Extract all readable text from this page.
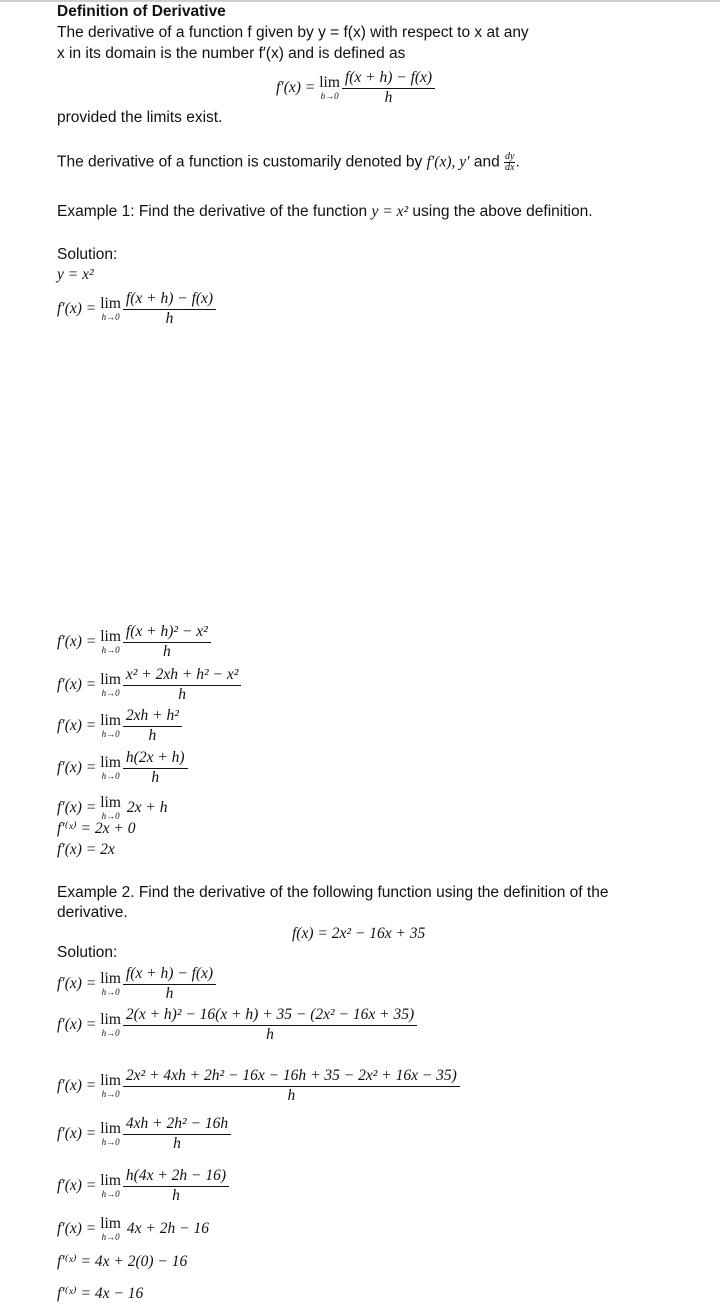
Definition of Derivative
The derivative of a function f given by y = f(x) with respect to x at any
x in its domain is the number f′(x) and is defined as
f′(x) = lim
$h\to 0 \frac{f(x + h) - f(x)}{h}$
provided the limits exist.
The derivative of a function is customarily denoted by f′(x), y′ and $\frac{dy}{dx}$ .
Example 1: Find the derivative of the function y = x² using the above definition.
Solution:
y = x²
f′(x) = lim
$h\to 0 \frac{f(x + h) - f(x)}{h}$
f′(x) = lim
$h\to 0 \frac{\text{f(x + h)² − x²}}{h}$
f′(x) = lim
$h\to 0 \frac{\text{x² + 2xh + h² − x²}}{h}$
f′(x) = lim
$h\to 0 \frac{\text{2xh + h²}}{h}$
f′(x) = lim
$h\to 0 \frac{h(2x + h)}{h}$
f′(x) = lim
h→0 2x + h
f′⁽ˣ⁾ = 2x + 0
f′(x) = 2x
Example 2. Find the derivative of the following function using the definition of the
derivative.
f(x) = 2x² − 16x + 35
Solution:
f′(x) = lim
$h\to 0 \frac{f(x + h) - f(x)}{h}$
f′(x) = lim
$h\to 0 \frac{\text{2(x + h)² − 16(x + h) + 35 − (2x² − 16x + 35)}}{h}$
f′(x) = lim
$h\to 0 \frac{\text{2x² + 4xh + 2h² − 16x − 16h + 35 − 2x² + 16x − 35)}}{h}$
f′(x) = lim
$h\to 0 \frac{\text{4xh + 2h² − 16h}}{h}$
f′(x) = lim
$h\to 0 \frac{h(4x + 2h - 16)}{h}$
f′(x) = lim
h→0 4x + 2h − 16
f′⁽ˣ⁾ = 4x + 2(0) − 16
f′⁽ˣ⁾ = 4x − 16
